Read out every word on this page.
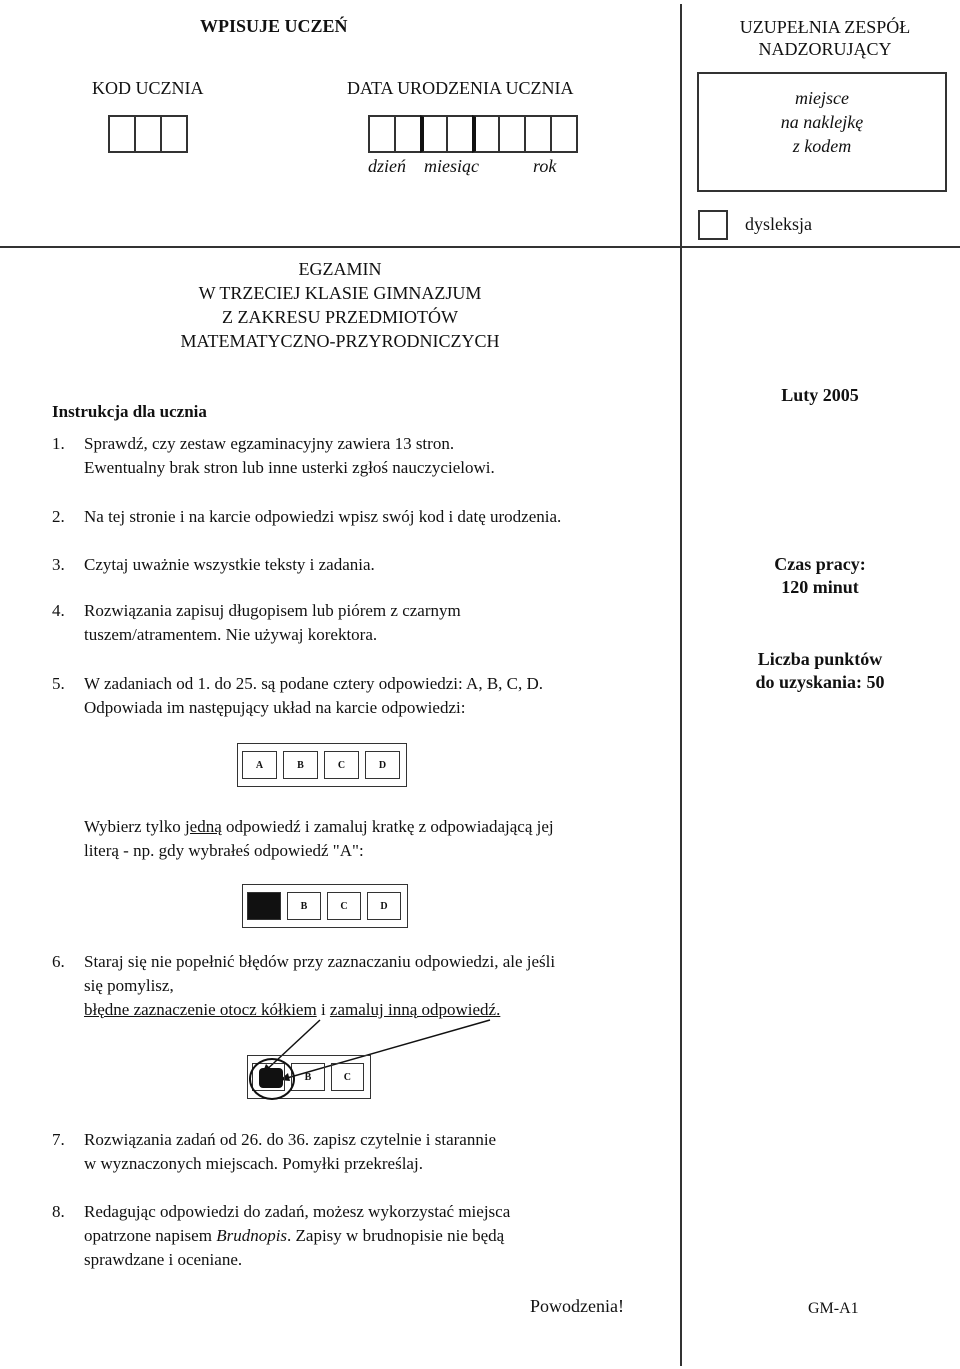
WPISUJE UCZEŃ
KOD UCZNIA	DATA URODZENIA UCZNIA
dzień miesiąc	rok
UZUPEŁNIA ZESPÓŁ
NADZORUJĄCY
miejsce
na naklejkę
z kodem
dysleksja
EGZAMIN
W TRZECIEJ KLASIE GIMNAZJUM
Z ZAKRESU PRZEDMIOTÓW
MATEMATYCZNO-PRZYRODNICZYCH
Luty 2005
Czas pracy:
120 minut
Liczba punktów
do uzyskania: 50
Instrukcja dla ucznia
1. Sprawdź, czy zestaw egzaminacyjny zawiera 13 stron.
Ewentualny brak stron lub inne usterki zgłoś nauczycielowi.
2. Na tej stronie i na karcie odpowiedzi wpisz swój kod i datę urodzenia.
3. Czytaj uważnie wszystkie teksty i zadania.
4. Rozwiązania zapisuj długopisem lub piórem z czarnym
tuszem/atramentem. Nie używaj korektora.
5. W zadaniach od 1. do 25. są podane cztery odpowiedzi: A, B, C, D.
Odpowiada im następujący układ na karcie odpowiedzi:
A	B	C	D
Wybierz tylko jedną odpowiedź i zamaluj kratkę z odpowiadającą jej
literą - np. gdy wybrałeś odpowiedź "A":
B	C	D
6. Staraj się nie popełnić błędów przy zaznaczaniu odpowiedzi, ale jeśli
się pomylisz,
błędne zaznaczenie otocz kółkiem i zamaluj inną odpowiedź.
B	C
7. Rozwiązania zadań od 26. do 36. zapisz czytelnie i starannie
w wyznaczonych miejscach. Pomyłki przekreślaj.
8. Redagując odpowiedzi do zadań, możesz wykorzystać miejsca
opatrzone napisem Brudnopis. Zapisy w brudnopisie nie będą
sprawdzane i oceniane.
Powodzenia!	GM-A1
